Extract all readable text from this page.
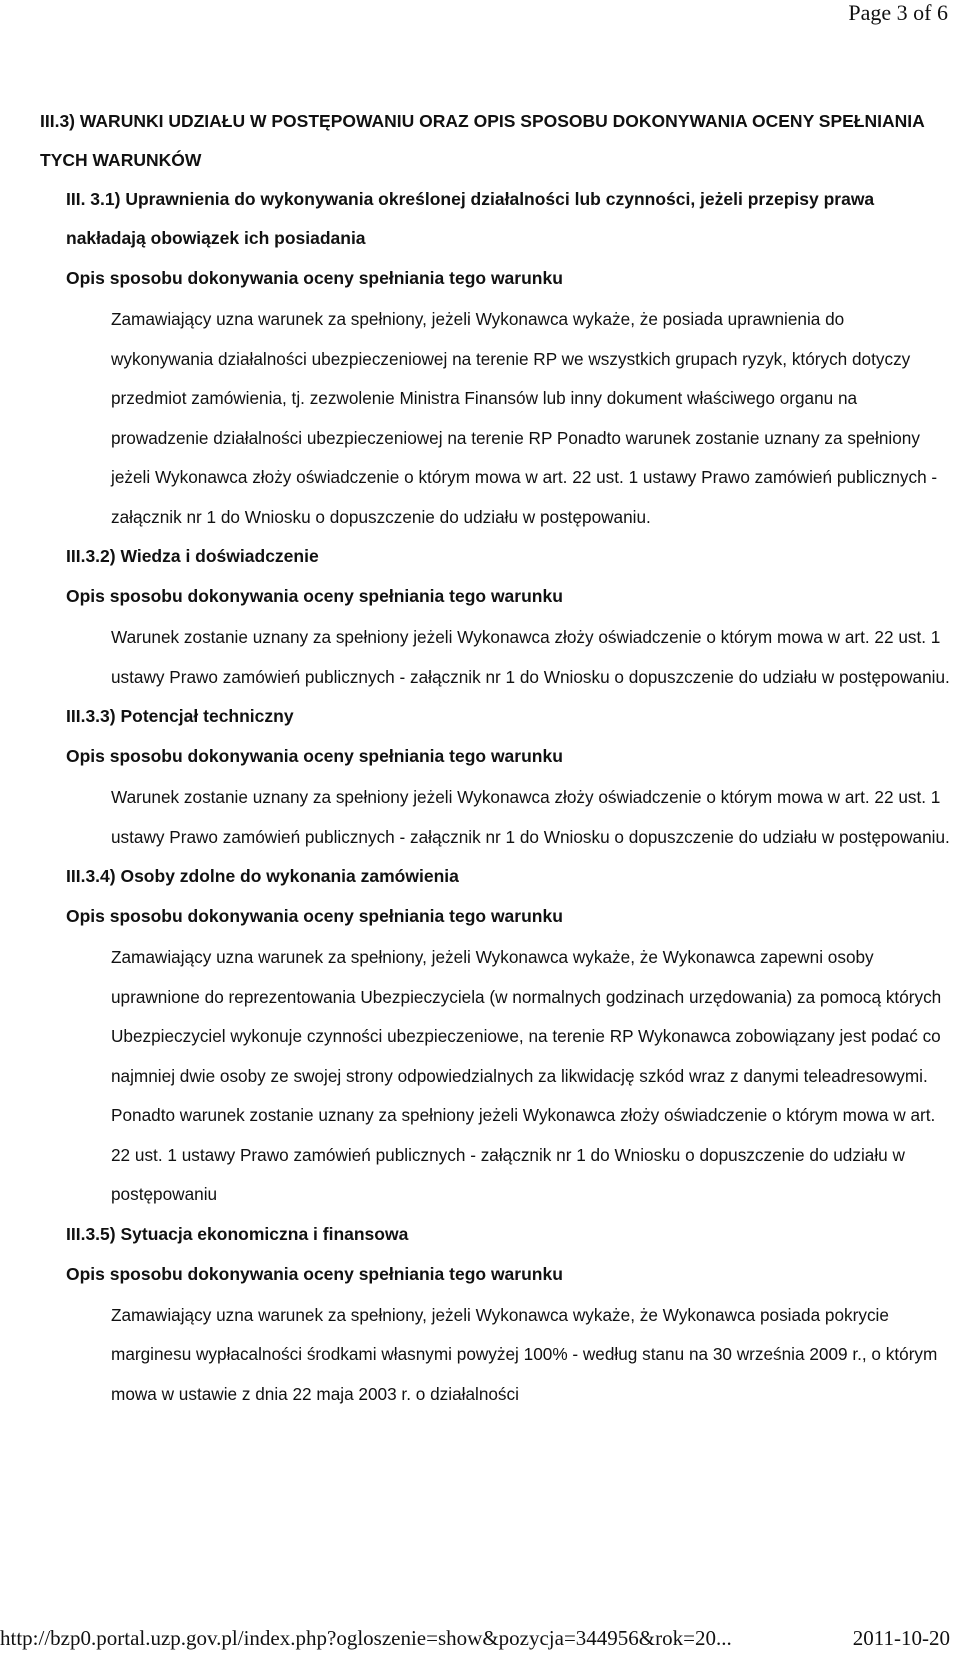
Page 3 of 6

III.3) WARUNKI UDZIAŁU W POSTĘPOWANIU ORAZ OPIS SPOSOBU DOKONYWANIA OCENY SPEŁNIANIA TYCH WARUNKÓW

III. 3.1) Uprawnienia do wykonywania określonej działalności lub czynności, jeżeli przepisy prawa nakładają obowiązek ich posiadania

Opis sposobu dokonywania oceny spełniania tego warunku

Zamawiający uzna warunek za spełniony, jeżeli Wykonawca wykaże, że posiada uprawnienia do wykonywania działalności ubezpieczeniowej na terenie RP we wszystkich grupach ryzyk, których dotyczy przedmiot zamówienia, tj. zezwolenie Ministra Finansów lub inny dokument właściwego organu na prowadzenie działalności ubezpieczeniowej na terenie RP Ponadto warunek zostanie uznany za spełniony jeżeli Wykonawca złoży oświadczenie o którym mowa w art. 22 ust. 1 ustawy Prawo zamówień publicznych - załącznik nr 1 do Wniosku o dopuszczenie do udziału w postępowaniu.

III.3.2) Wiedza i doświadczenie

Opis sposobu dokonywania oceny spełniania tego warunku

Warunek zostanie uznany za spełniony jeżeli Wykonawca złoży oświadczenie o którym mowa w art. 22 ust. 1 ustawy Prawo zamówień publicznych - załącznik nr 1 do Wniosku o dopuszczenie do udziału w postępowaniu.

III.3.3) Potencjał techniczny

Opis sposobu dokonywania oceny spełniania tego warunku

Warunek zostanie uznany za spełniony jeżeli Wykonawca złoży oświadczenie o którym mowa w art. 22 ust. 1 ustawy Prawo zamówień publicznych - załącznik nr 1 do Wniosku o dopuszczenie do udziału w postępowaniu.

III.3.4) Osoby zdolne do wykonania zamówienia

Opis sposobu dokonywania oceny spełniania tego warunku

Zamawiający uzna warunek za spełniony, jeżeli Wykonawca wykaże, że Wykonawca zapewni osoby uprawnione do reprezentowania Ubezpieczyciela (w normalnych godzinach urzędowania) za pomocą których Ubezpieczyciel wykonuje czynności ubezpieczeniowe, na terenie RP Wykonawca zobowiązany jest podać co najmniej dwie osoby ze swojej strony odpowiedzialnych za likwidację szkód wraz z danymi teleadresowymi. Ponadto warunek zostanie uznany za spełniony jeżeli Wykonawca złoży oświadczenie o którym mowa w art. 22 ust. 1 ustawy Prawo zamówień publicznych - załącznik nr 1 do Wniosku o dopuszczenie do udziału w postępowaniu

III.3.5) Sytuacja ekonomiczna i finansowa

Opis sposobu dokonywania oceny spełniania tego warunku

Zamawiający uzna warunek za spełniony, jeżeli Wykonawca wykaże, że Wykonawca posiada pokrycie marginesu wypłacalności środkami własnymi powyżej 100% - według stanu na 30 września 2009 r., o którym mowa w ustawie z dnia 22 maja 2003 r. o działalności

http://bzp0.portal.uzp.gov.pl/index.php?ogloszenie=show&pozycja=344956&rok=20...	2011-10-20
